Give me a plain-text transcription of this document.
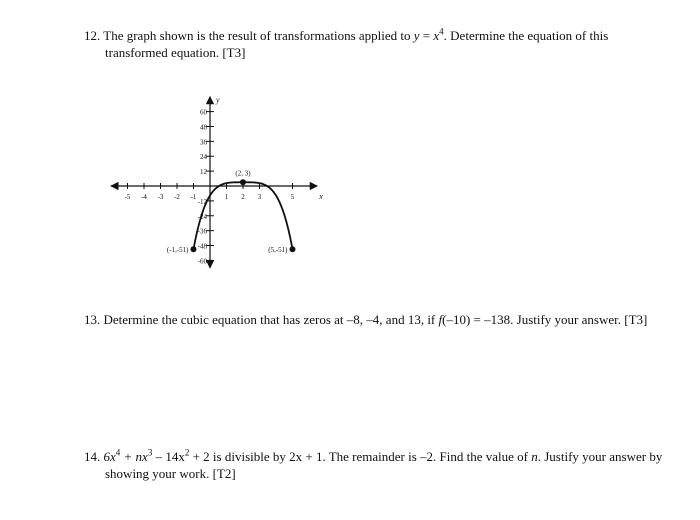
12. The graph shown is the result of transformations applied to $y = x^4$. Determine the equation of this
transformed equation. [T3]
x
y
-5 -4 -3 -2 -1	1 2 3	5
60
48
36
24
12
-12
-24
-36
-48
-60
(-1,-51)
(2, 3)
(5,-51)
13. Determine the cubic equation that has zeros at –8, –4, and 13, if f(–10) = –138. Justify your answer. [T3]
14. $6x^4 + nx^3 - 14x^2 + 2$ is divisible by 2x + 1. The remainder is –2. Find the value of n. Justify your answer by
showing your work. [T2]
